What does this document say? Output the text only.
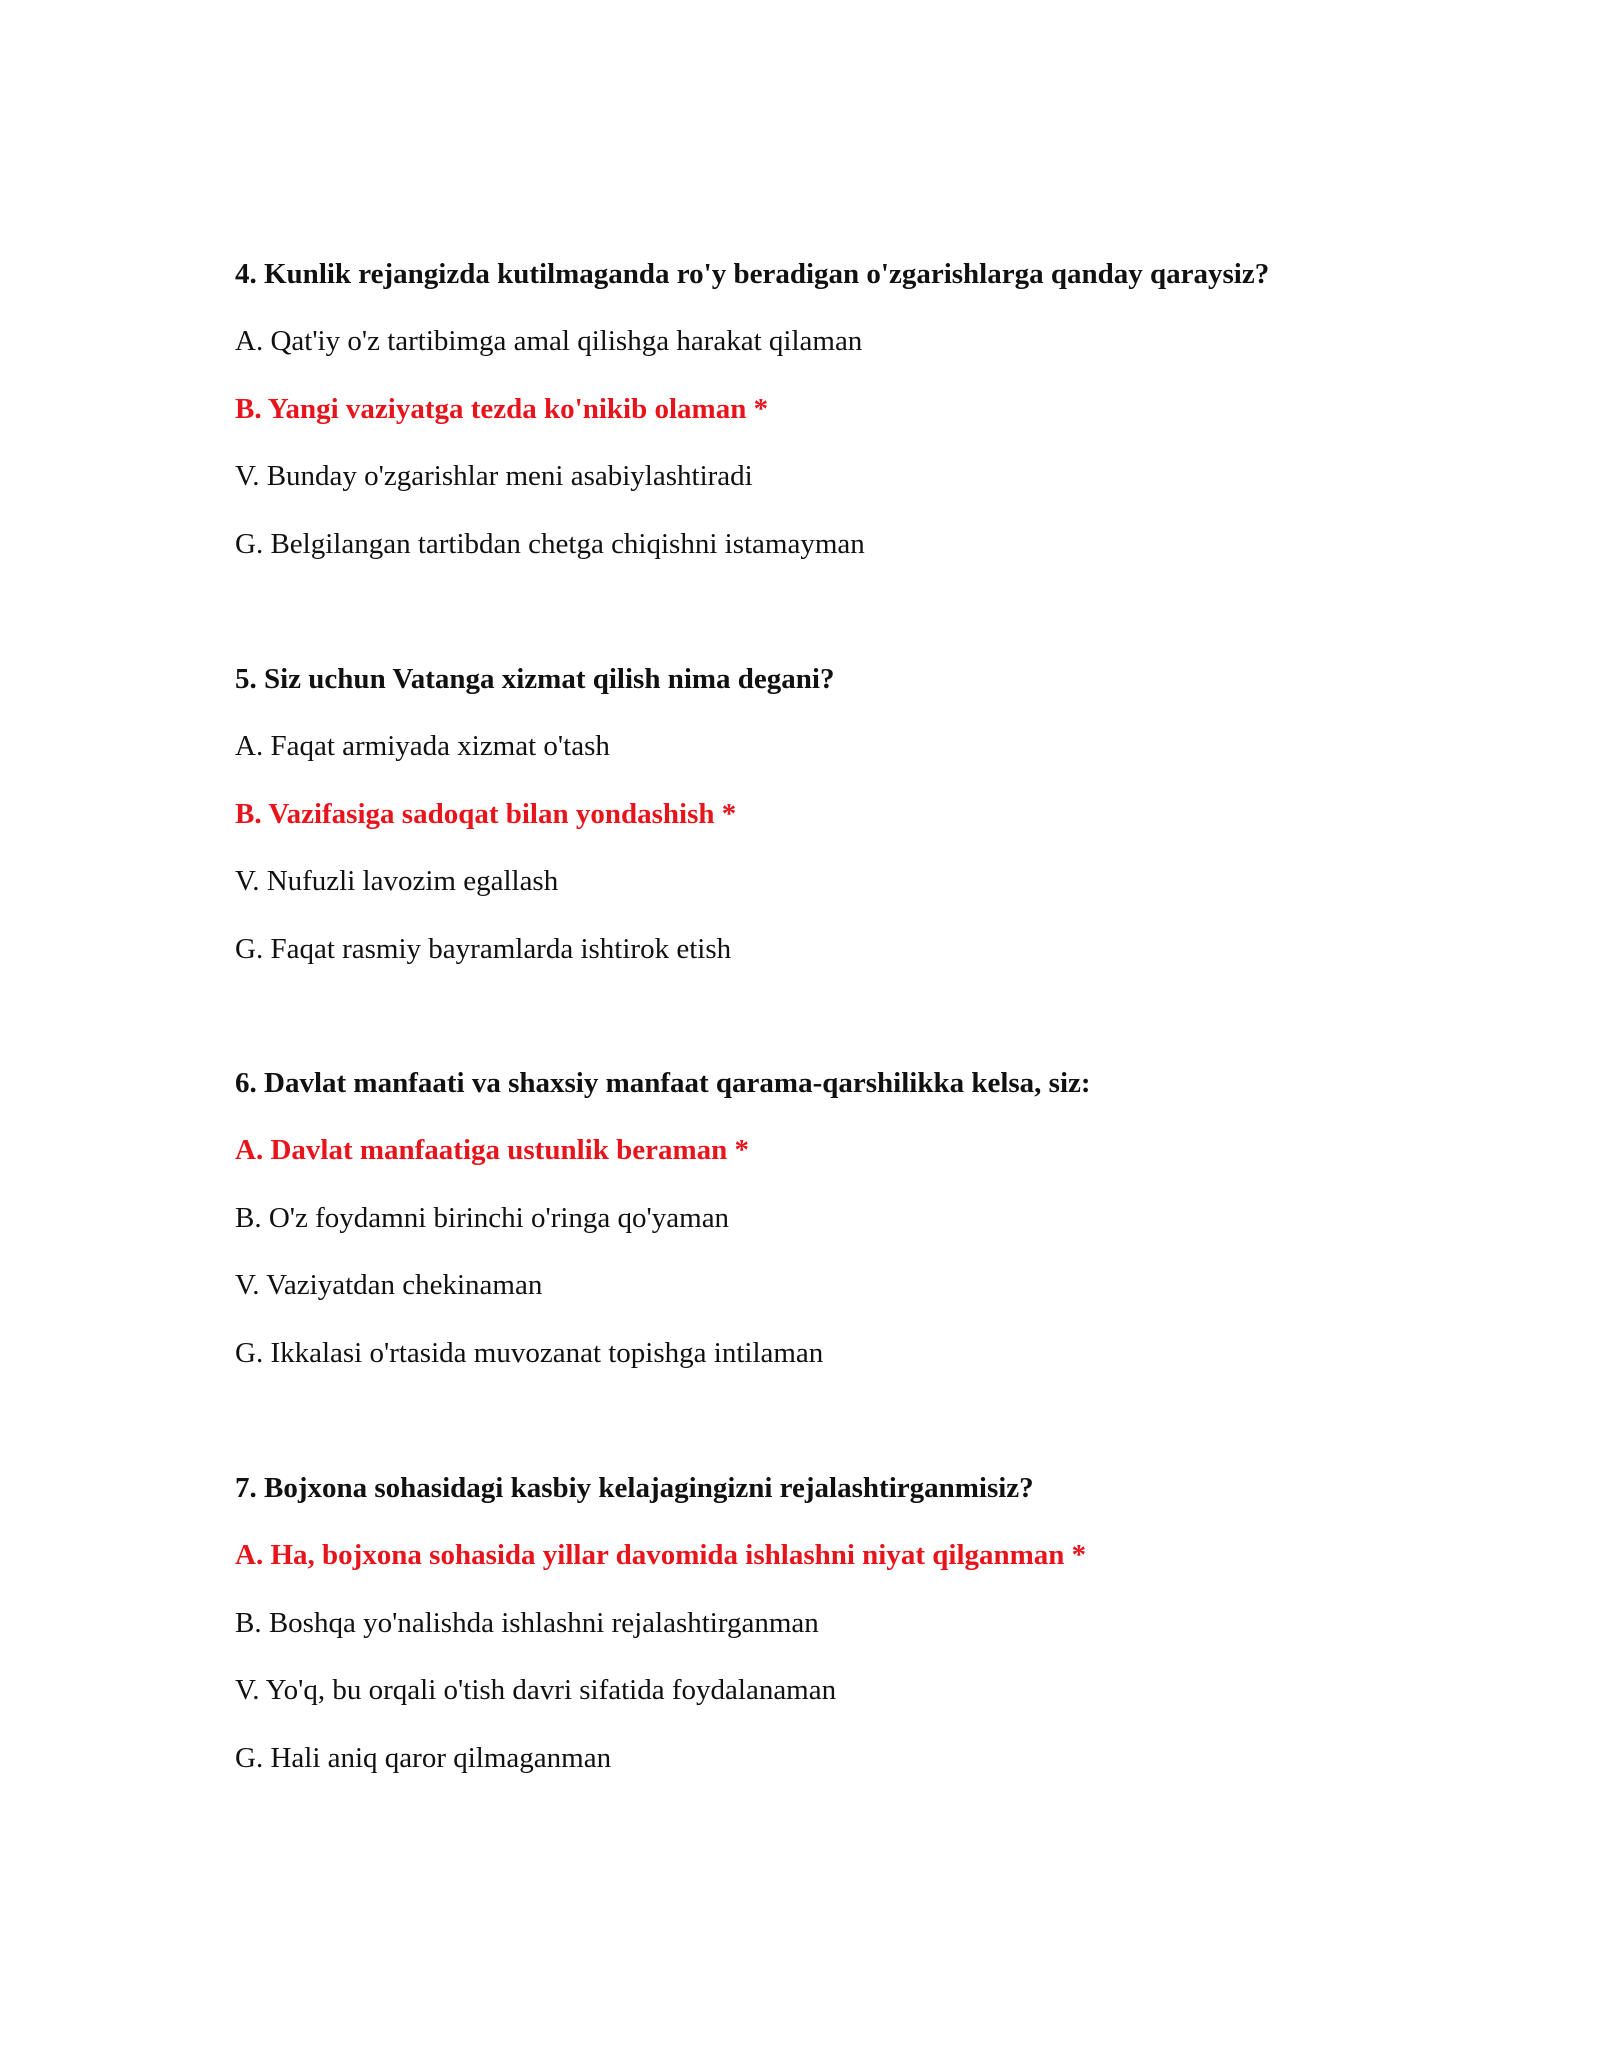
4. Kunlik rejangizda kutilmaganda ro'y beradigan o'zgarishlarga qanday qaraysiz?
A. Qat'iy o'z tartibimga amal qilishga harakat qilaman
B. Yangi vaziyatga tezda ko'nikib olaman *
V. Bunday o'zgarishlar meni asabiylashtiradi
G. Belgilangan tartibdan chetga chiqishni istamayman
5. Siz uchun Vatanga xizmat qilish nima degani?
A. Faqat armiyada xizmat o'tash
B. Vazifasiga sadoqat bilan yondashish *
V. Nufuzli lavozim egallash
G. Faqat rasmiy bayramlarda ishtirok etish
6. Davlat manfaati va shaxsiy manfaat qarama-qarshilikka kelsa, siz:
A. Davlat manfaatiga ustunlik beraman *
B. O'z foydamni birinchi o'ringa qo'yaman
V. Vaziyatdan chekinaman
G. Ikkalasi o'rtasida muvozanat topishga intilaman
7. Bojxona sohasidagi kasbiy kelajagingizni rejalashtirganmisiz?
A. Ha, bojxona sohasida yillar davomida ishlashni niyat qilganman *
B. Boshqa yo'nalishda ishlashni rejalashtirganman
V. Yo'q, bu orqali o'tish davri sifatida foydalanaman
G. Hali aniq qaror qilmaganman
